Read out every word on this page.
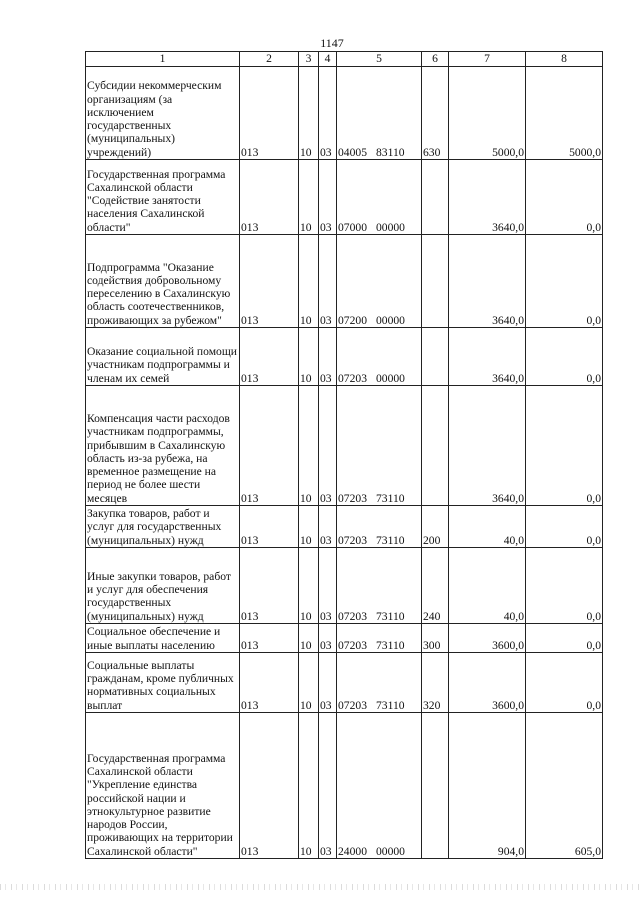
1147
1	2	3	4	5	6	7	8
Субсидии некоммерческим организациям (за исключением государственных (муниципальных) учреждений)	013	10	03	04005 83110	630	5000,0	5000,0
Государственная программа Сахалинской области "Содействие занятости населения Сахалинской области"	013	10	03	07000 00000		3640,0	0,0
Подпрограмма "Оказание содействия добровольному переселению в Сахалинскую область соотечественников, проживающих за рубежом"	013	10	03	07200 00000		3640,0	0,0
Оказание социальной помощи участникам подпрограммы и членам их семей	013	10	03	07203 00000		3640,0	0,0
Компенсация части расходов участникам подпрограммы, прибывшим в Сахалинскую область из-за рубежа, на временное размещение на период не более шести месяцев	013	10	03	07203 73110		3640,0	0,0
Закупка товаров, работ и услуг для государственных (муниципальных) нужд	013	10	03	07203 73110	200	40,0	0,0
Иные закупки товаров, работ и услуг для обеспечения государственных (муниципальных) нужд	013	10	03	07203 73110	240	40,0	0,0
Социальное обеспечение и иные выплаты населению	013	10	03	07203 73110	300	3600,0	0,0
Социальные выплаты гражданам, кроме публичных нормативных социальных выплат	013	10	03	07203 73110	320	3600,0	0,0
Государственная программа Сахалинской области "Укрепление единства российской нации и этнокультурное развитие народов России, проживающих на территории Сахалинской области"	013	10	03	24000 00000		904,0	605,0
